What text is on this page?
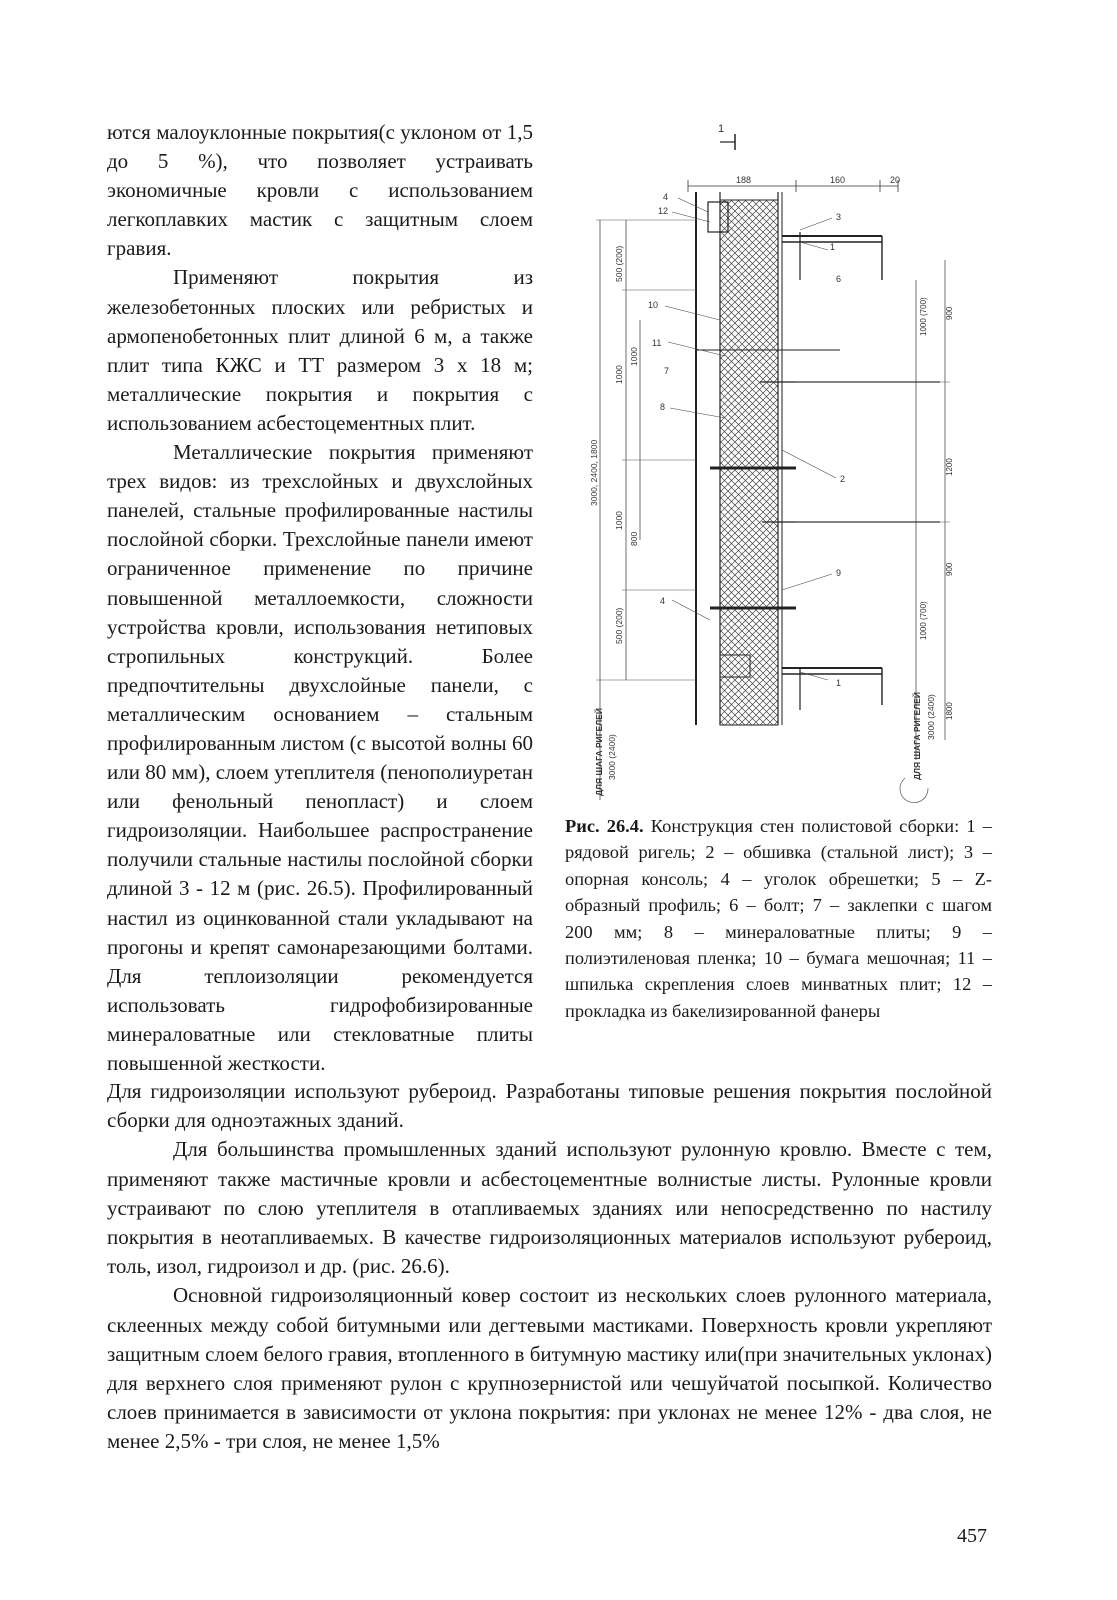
ются малоуклонные покрытия(с уклоном от 1,5 до 5 %), что позволяет устраивать экономичные кровли с использованием легкоплавких мастик с защитным слоем гравия.

Применяют покрытия из железобетонных плоских или ребристых и армопенобетонных плит длиной 6 м, а также плит типа КЖС и ТТ размером 3 х 18 м; металлические покрытия и покрытия с использованием асбестоцементных плит.

Металлические покрытия применяют трех видов: из трехслойных и двухслойных панелей, стальные профилированные настилы послойной сборки. Трехслойные панели имеют ограниченное применение по причине повышенной металлоемкости, сложности устройства кровли, использования нетиповых стропильных конструкций. Более предпочтительны двухслойные панели, с металлическим основанием – стальным профилированным листом (с высотой волны 60 или 80 мм), слоем утеплителя (пенополиуретан или фенольный пенопласт) и слоем гидроизоляции. Наибольшее распространение получили стальные настилы послойной сборки длиной 3 - 12 м (рис. 26.5). Профилированный настил из оцинкованной стали укладывают на прогоны и крепят самонарезающими болтами. Для теплоизоляции рекомендуется использовать гидрофобизированные минераловатные или стекловатные плиты повышенной жесткости.

1
188	160	20
4
12
3
1
6
10
11
7
8
2
9
4
1
500 (200)
1000
1000
3000, 2400, 1800
1000
800
500 (200)
ДЛЯ ШАГА РИГЕЛЕЙ 3000 (2400)
1000 (700) 900
1200
1000 (700)
900
1800
ДЛЯ ШАГА РИГЕЛЕЙ 3000 (2400)

Рис. 26.4. Конструкция стен полистовой сборки: 1 – рядовой ригель; 2 – обшивка (стальной лист); 3 – опорная консоль; 4 – уголок обрешетки; 5 – Z-образный профиль; 6 – болт; 7 – заклепки с шагом 200 мм; 8 – минераловатные плиты; 9 – полиэтиленовая пленка; 10 – бумага мешочная; 11 – шпилька скрепления слоев минватных плит; 12 – прокладка из бакелизированной фанеры

Для гидроизоляции используют рубероид. Разработаны типовые решения покрытия послойной сборки для одноэтажных зданий.

Для большинства промышленных зданий используют рулонную кровлю. Вместе с тем, применяют также мастичные кровли и асбестоцементные волнистые листы. Рулонные кровли устраивают по слою утеплителя в отапливаемых зданиях или непосредственно по настилу покрытия в неотапливаемых. В качестве гидроизоляционных материалов используют рубероид, толь, изол, гидроизол и др. (рис. 26.6).

Основной гидроизоляционный ковер состоит из нескольких слоев рулонного материала, склеенных между собой битумными или дегтевыми мастиками. Поверхность кровли укрепляют защитным слоем белого гравия, втопленного в битумную мастику или(при значительных уклонах) для верхнего слоя применяют рулон с крупнозернистой или чешуйчатой посыпкой. Количество слоев принимается в зависимости от уклона покрытия: при уклонах не менее 12% - два слоя, не менее 2,5% - три слоя, не менее 1,5%

457
